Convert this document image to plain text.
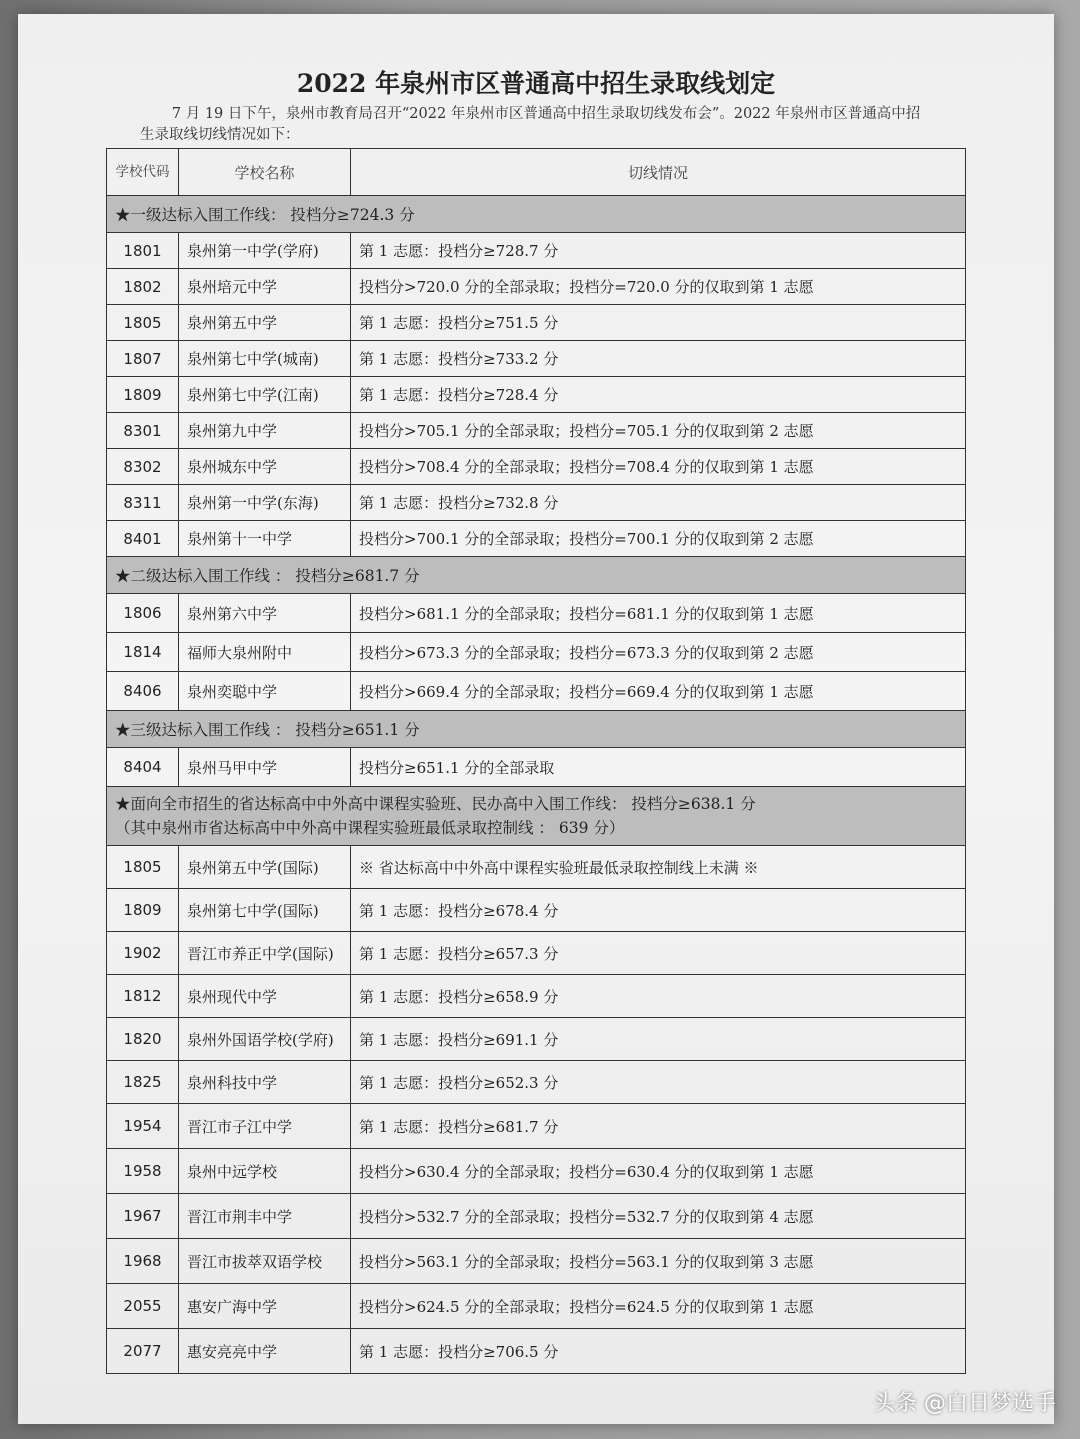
2022 年泉州市区普通高中招生录取线划定
7 月 19 日下午，泉州市教育局召开“2022 年泉州市区普通高中招生录取切线发布会”。2022 年泉州市区普通高中招生录取线切线情况如下：
学校代码	学校名称	切线情况
★一级达标入围工作线： 投档分≥724.3 分		
1801	泉州第一中学(学府)	第 1 志愿：投档分≥728.7 分
1802	泉州培元中学	投档分>720.0 分的全部录取；投档分=720.0 分的仅取到第 1 志愿
1805	泉州第五中学	第 1 志愿：投档分≥751.5 分
1807	泉州第七中学(城南)	第 1 志愿：投档分≥733.2 分
1809	泉州第七中学(江南)	第 1 志愿：投档分≥728.4 分
8301	泉州第九中学	投档分>705.1 分的全部录取；投档分=705.1 分的仅取到第 2 志愿
8302	泉州城东中学	投档分>708.4 分的全部录取；投档分=708.4 分的仅取到第 1 志愿
8311	泉州第一中学(东海)	第 1 志愿：投档分≥732.8 分
8401	泉州第十一中学	投档分>700.1 分的全部录取；投档分=700.1 分的仅取到第 2 志愿
★二级达标入围工作线 ： 投档分≥681.7 分		
1806	泉州第六中学	投档分>681.1 分的全部录取；投档分=681.1 分的仅取到第 1 志愿
1814	福师大泉州附中	投档分>673.3 分的全部录取；投档分=673.3 分的仅取到第 2 志愿
8406	泉州奕聪中学	投档分>669.4 分的全部录取；投档分=669.4 分的仅取到第 1 志愿
★三级达标入围工作线 ： 投档分≥651.1 分		
8404	泉州马甲中学	投档分≥651.1 分的全部录取

★面向全市招生的省达标高中中外高中课程实验班、民办高中入围工作线： 投档分≥638.1 分
（其中泉州市省达标高中中外高中课程实验班最低录取控制线 ： 639 分）		

1805	泉州第五中学(国际)	※ 省达标高中中外高中课程实验班最低录取控制线上未满 ※
1809	泉州第七中学(国际)	第 1 志愿：投档分≥678.4 分
1902	晋江市养正中学(国际)	第 1 志愿：投档分≥657.3 分
1812	泉州现代中学	第 1 志愿：投档分≥658.9 分
1820	泉州外国语学校(学府)	第 1 志愿：投档分≥691.1 分
1825	泉州科技中学	第 1 志愿：投档分≥652.3 分
1954	晋江市子江中学	第 1 志愿：投档分≥681.7 分
1958	泉州中远学校	投档分>630.4 分的全部录取；投档分=630.4 分的仅取到第 1 志愿
1967	晋江市荆丰中学	投档分>532.7 分的全部录取；投档分=532.7 分的仅取到第 4 志愿
1968	晋江市拔萃双语学校	投档分>563.1 分的全部录取；投档分=563.1 分的仅取到第 3 志愿
2055	惠安广海中学	投档分>624.5 分的全部录取；投档分=624.5 分的仅取到第 1 志愿
2077	惠安亮亮中学	第 1 志愿：投档分≥706.5 分
头条 @白日梦选手
